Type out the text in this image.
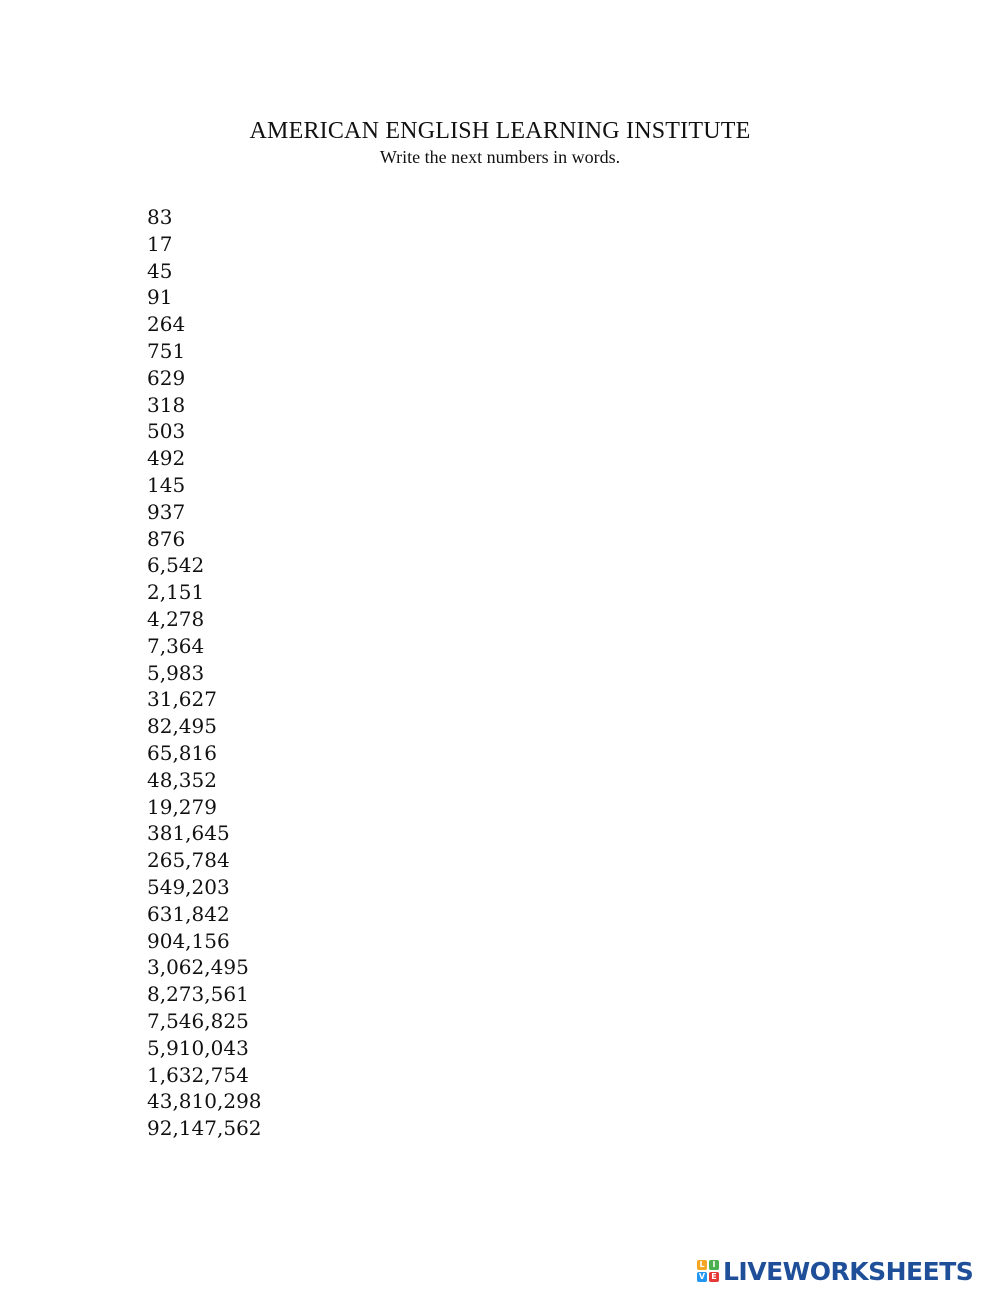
AMERICAN ENGLISH LEARNING INSTITUTE
Write the next numbers in words.
83
17
45
91
264
751
629
318
503
492
145
937
876
6,542
2,151
4,278
7,364
5,983
31,627
82,495
65,816
48,352
19,279
381,645
265,784
549,203
631,842
904,156
3,062,495
8,273,561
7,546,825
5,910,043
1,632,754
43,810,298
92,147,562
L I
V E LIVEWORKSHEETS
